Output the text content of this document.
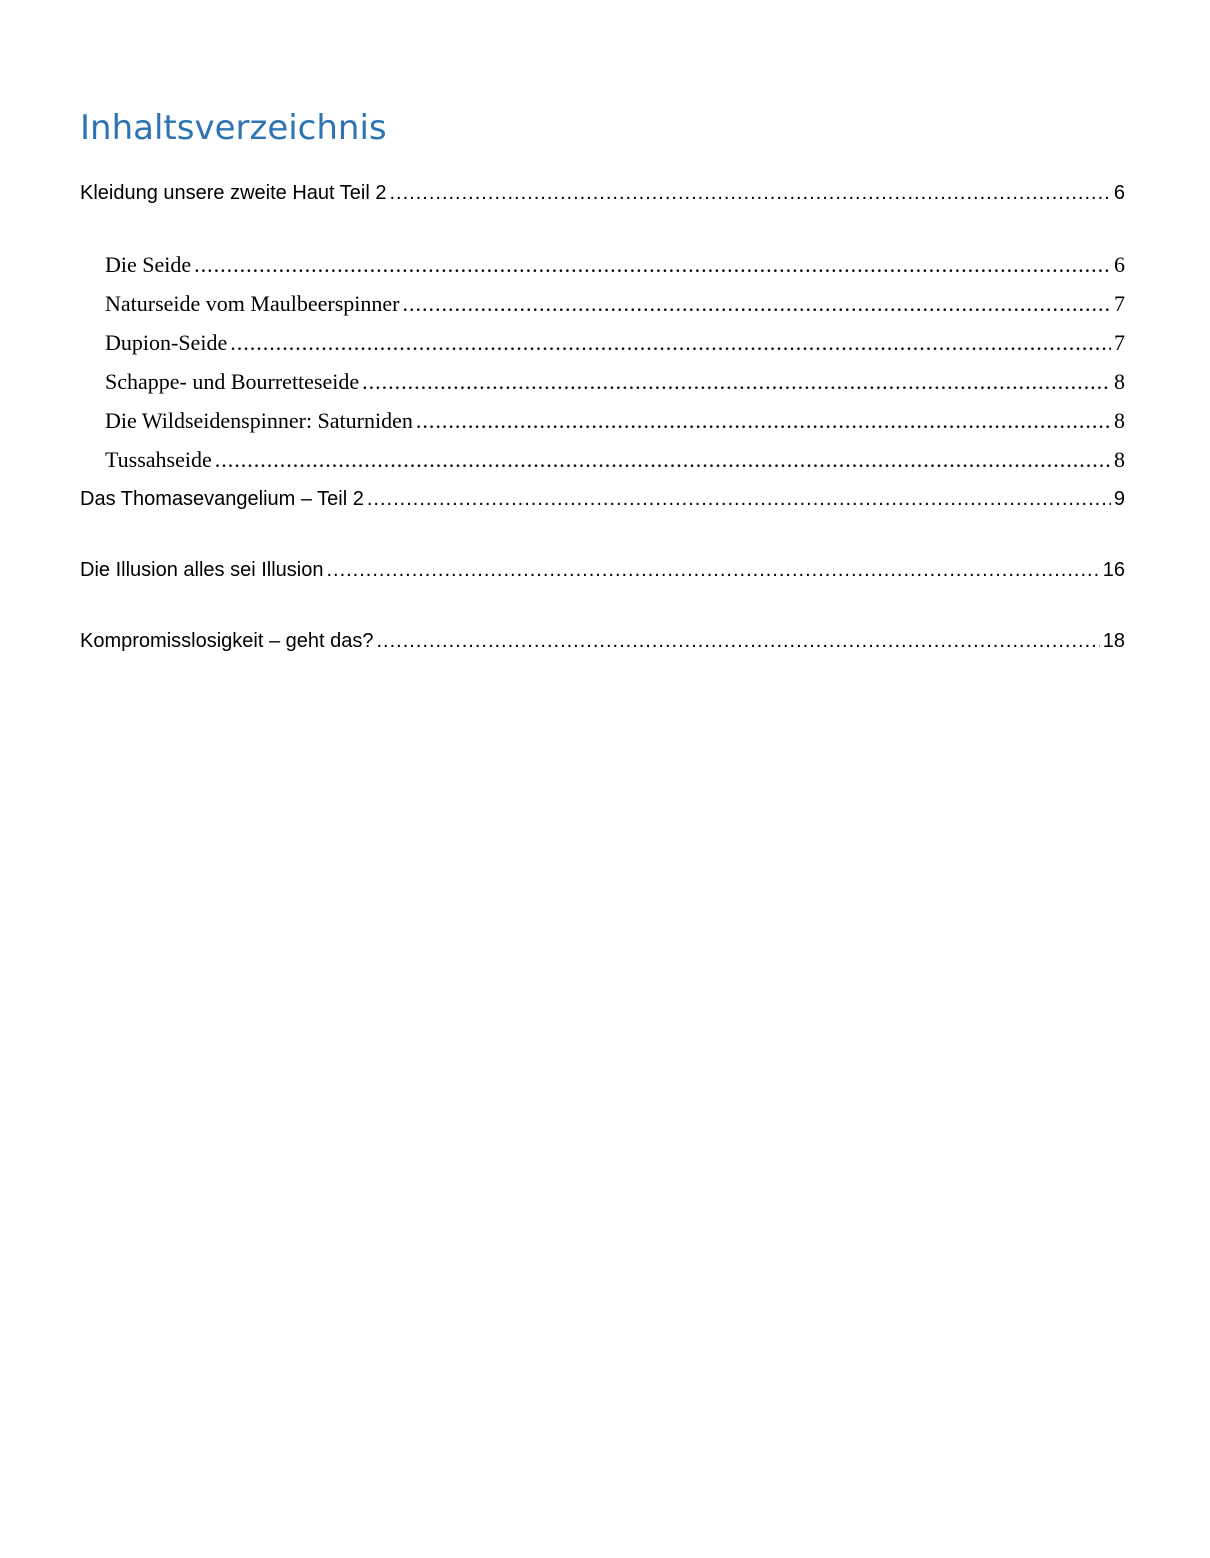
Inhaltsverzeichnis
Kleidung unsere zweite Haut Teil 2 .....	6
Die Seide .....	6
Naturseide vom Maulbeerspinner .....	7
Dupion-Seide .....	7
Schappe- und Bourretteseide .....	8
Die Wildseidenspinner: Saturniden .....	8
Tussahseide .....	8
Das Thomasevangelium – Teil 2 .....	9
Die Illusion alles sei Illusion .....	16
Kompromisslosigkeit – geht das? .....	18
